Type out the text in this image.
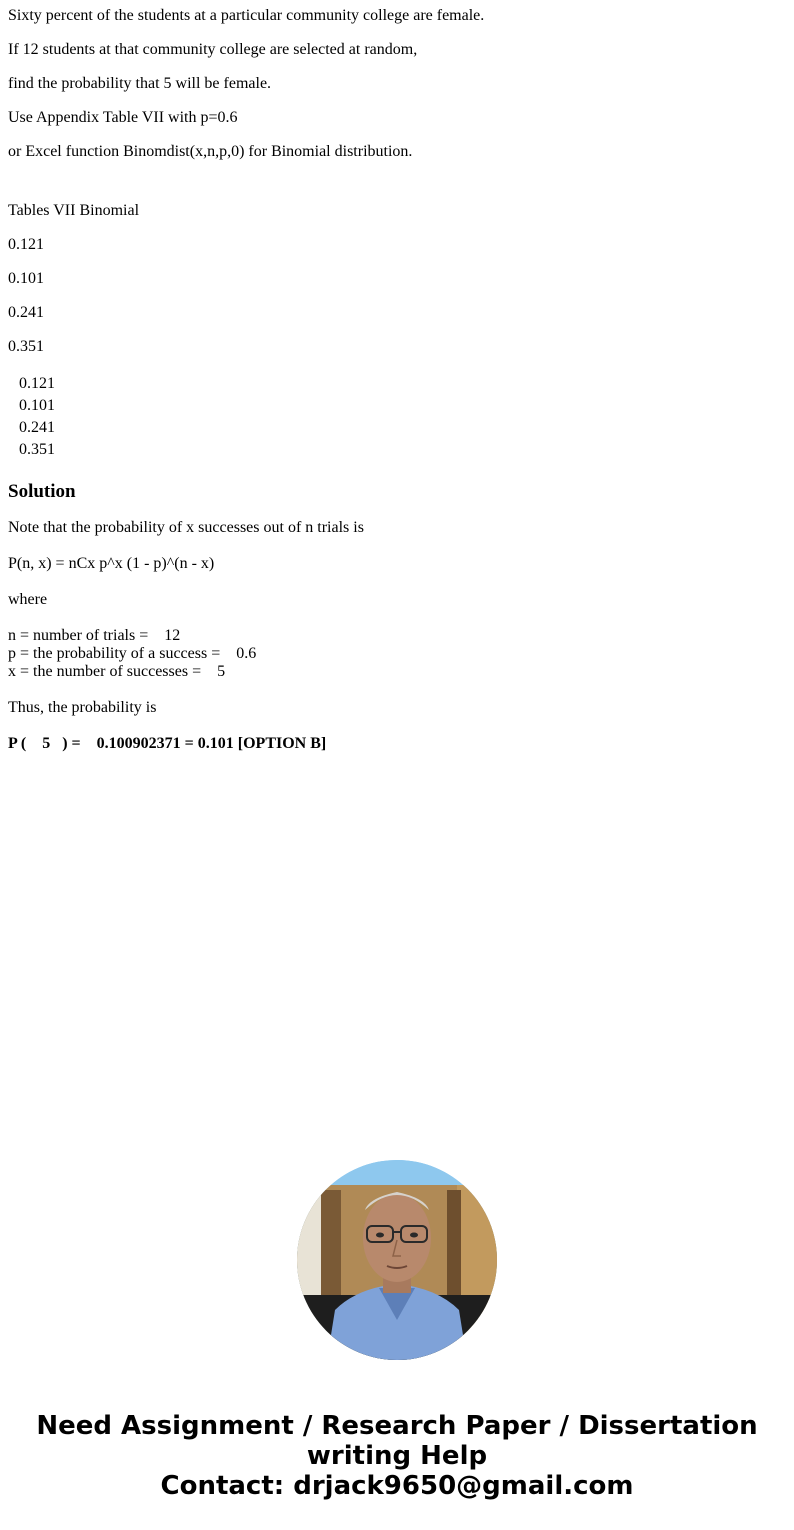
Sixty percent of the students at a particular community college are female.
If 12 students at that community college are selected at random,
find the probability that 5 will be female.
Use Appendix Table VII with p=0.6
or Excel function Binomdist(x,n,p,0) for Binomial distribution.
Tables VII Binomial
0.121
0.101
0.241
0.351
0.121
0.101
0.241
0.351
Solution

Note that the probability of x successes out of n trials is

P(n, x) = nCx p^x (1 - p)^(n - x)

where

n = number of trials =    12
p = the probability of a success =    0.6
x = the number of successes =    5

Thus, the probability is

P (    5   ) =    0.100902371 = 0.101 [OPTION B]

Need Assignment / Research Paper / Dissertation
writing Help
Contact: drjack9650@gmail.com
